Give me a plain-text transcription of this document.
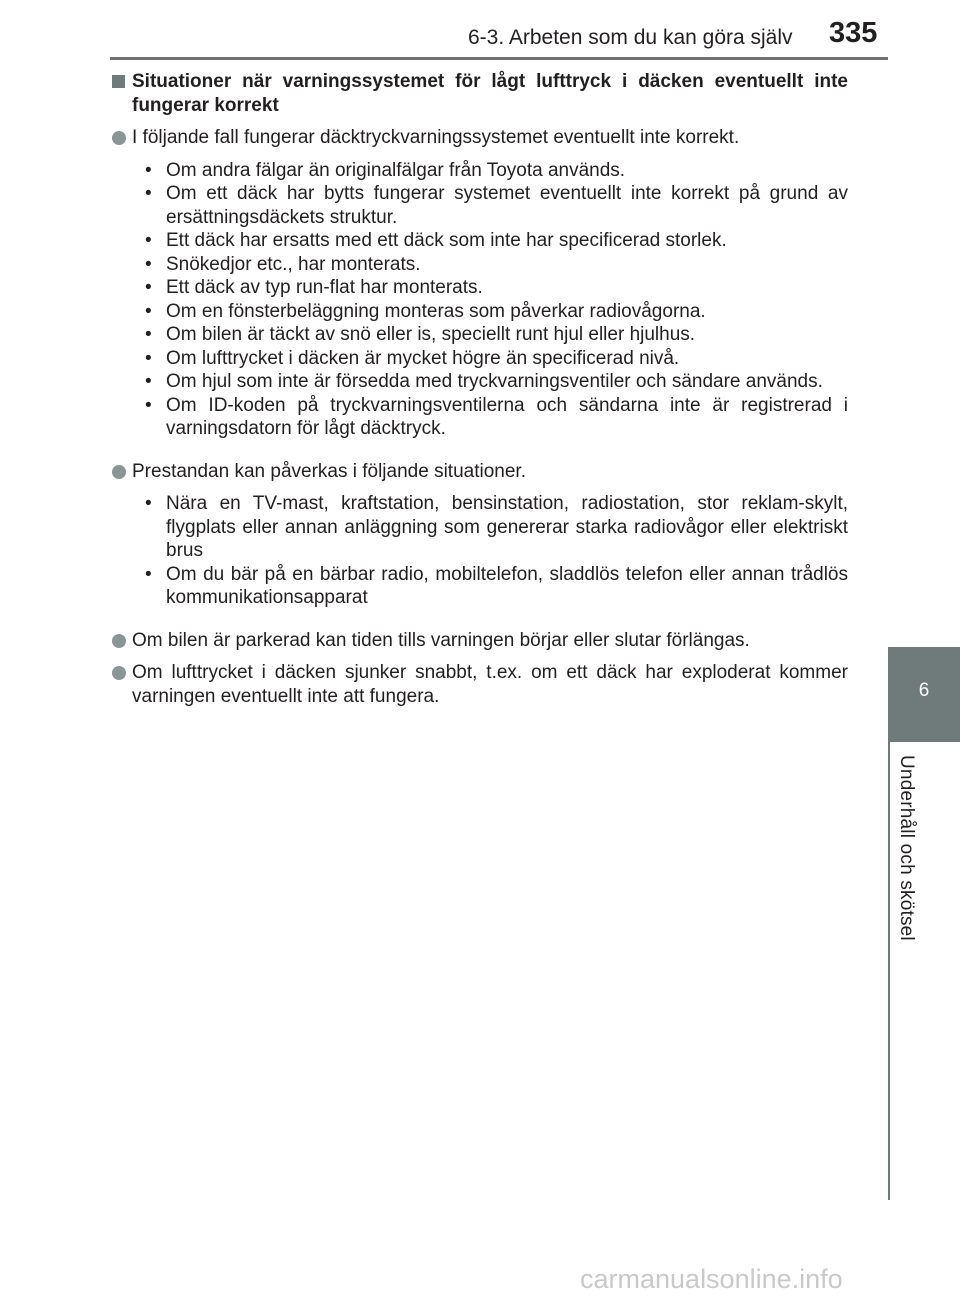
6-3. Arbeten som du kan göra själv 335
6
Underhåll och skötsel
Situationer när varningssystemet för lågt lufttryck i däcken eventuellt inte fungerar korrekt
I följande fall fungerar däcktryckvarningssystemet eventuellt inte korrekt.
• Om andra fälgar än originalfälgar från Toyota används.
• Om ett däck har bytts fungerar systemet eventuellt inte korrekt på grund av ersättningsdäckets struktur.
• Ett däck har ersatts med ett däck som inte har specificerad storlek.
• Snökedjor etc., har monterats.
• Ett däck av typ run-flat har monterats.
• Om en fönsterbeläggning monteras som påverkar radiovågorna.
• Om bilen är täckt av snö eller is, speciellt runt hjul eller hjulhus.
• Om lufttrycket i däcken är mycket högre än specificerad nivå.
• Om hjul som inte är försedda med tryckvarningsventiler och sändare används.
• Om ID-koden på tryckvarningsventilerna och sändarna inte är registrerad i varningsdatorn för lågt däcktryck.
Prestandan kan påverkas i följande situationer.
• Nära en TV-mast, kraftstation, bensinstation, radiostation, stor reklam-skylt, flygplats eller annan anläggning som genererar starka radiovågor eller elektriskt brus
• Om du bär på en bärbar radio, mobiltelefon, sladdlös telefon eller annan trådlös kommunikationsapparat
Om bilen är parkerad kan tiden tills varningen börjar eller slutar förlängas.
Om lufttrycket i däcken sjunker snabbt, t.ex. om ett däck har exploderat kommer varningen eventuellt inte att fungera.
carmanualsonline.info
